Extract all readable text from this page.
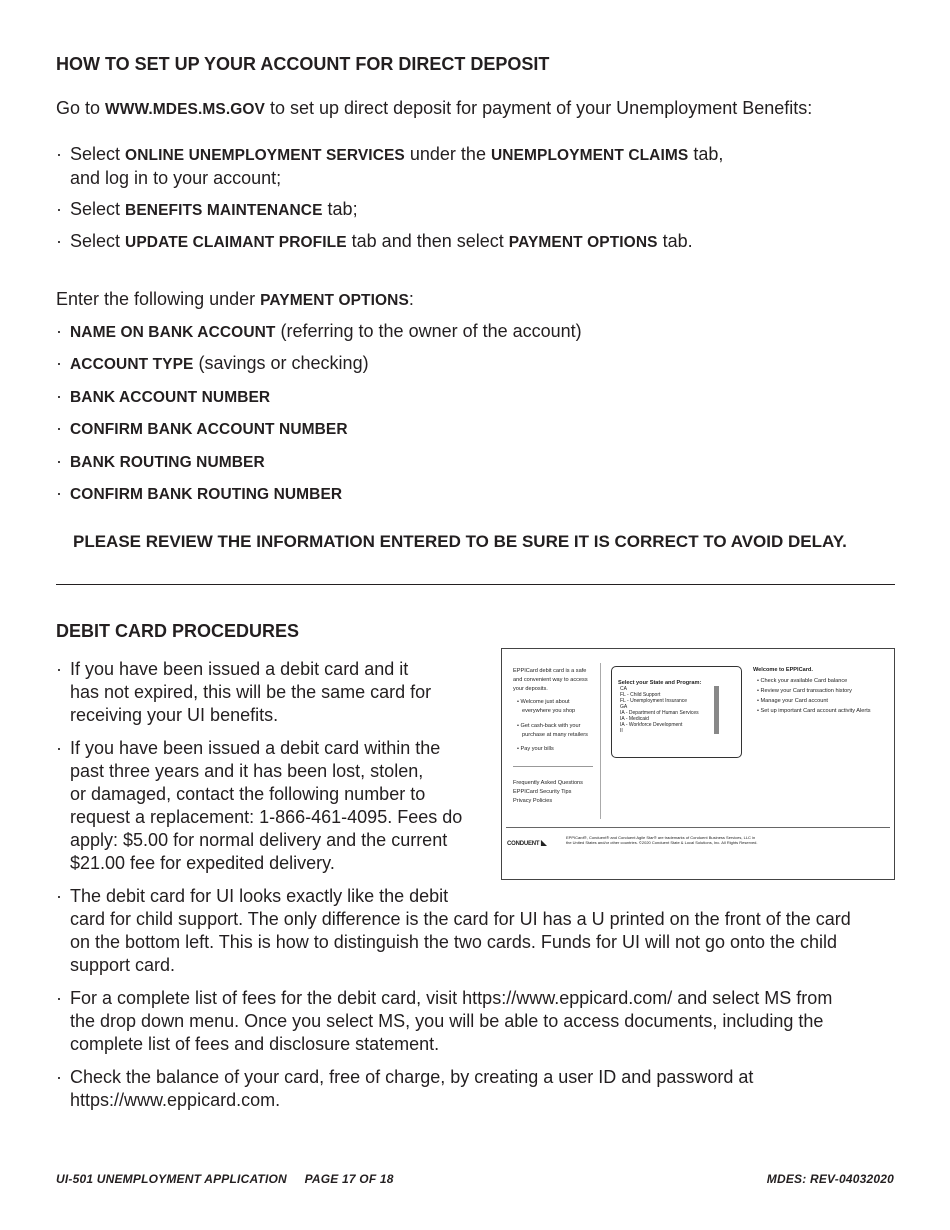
HOW TO SET UP YOUR ACCOUNT FOR DIRECT DEPOSIT
Go to WWW.MDES.MS.GOV to set up direct deposit for payment of your Unemployment Benefits:
· Select ONLINE UNEMPLOYMENT SERVICES under the UNEMPLOYMENT CLAIMS tab,
and log in to your account;
· Select BENEFITS MAINTENANCE tab;
· Select UPDATE CLAIMANT PROFILE tab and then select PAYMENT OPTIONS tab.
Enter the following under PAYMENT OPTIONS:
· NAME ON BANK ACCOUNT (referring to the owner of the account)
· ACCOUNT TYPE (savings or checking)
· BANK ACCOUNT NUMBER
· CONFIRM BANK ACCOUNT NUMBER
· BANK ROUTING NUMBER
· CONFIRM BANK ROUTING NUMBER
PLEASE REVIEW THE INFORMATION ENTERED TO BE SURE IT IS CORRECT TO AVOID DELAY.
DEBIT CARD PROCEDURES
· If you have been issued a debit card and it
has not expired, this will be the same card for
receiving your UI benefits.
· If you have been issued a debit card within the
past three years and it has been lost, stolen,
or damaged, contact the following number to
request a replacement: 1-866-461-4095. Fees do
apply: $5.00 for normal delivery and the current
$21.00 fee for expedited delivery.
· The debit card for UI looks exactly like the debit
card for child support. The only difference is the card for UI has a U printed on the front of the card
on the bottom left. This is how to distinguish the two cards. Funds for UI will not go onto the child
support card.
· For a complete list of fees for the debit card, visit https://www.eppicard.com/ and select MS from
the drop down menu. Once you select MS, you will be able to access documents, including the
complete list of fees and disclosure statement.
· Check the balance of your card, free of charge, by creating a user ID and password at
https://www.eppicard.com.
EPPICard debit card is a safe
and convenient way to access
your deposits.
• Welcome just about
everywhere you shop
• Get cash-back with your
purchase at many retailers
• Pay your bills
Frequently Asked Questions
EPPICard Security Tips
Privacy Policies
Select your State and Program:
CA
FL - Child Support
FL - Unemployment Insurance
GA
IA - Department of Human Services
IA - Medicaid
IA - Workforce Development
II
Welcome to EPPICard.
• Check your available Card balance
• Review your Card transaction history
• Manage your Card account
• Set up important Card account activity Alerts
CONDUENT ◣
EPPICard®, Conduent® and Conduent Agile Star® are trademarks of Conduent Business Services, LLC in
the United States and/or other countries. ©2020 Conduent State & Local Solutions, Inc. All Rights Reserved.
UI-501 UNEMPLOYMENT APPLICATION PAGE 17 OF 18	MDES: REV-04032020
